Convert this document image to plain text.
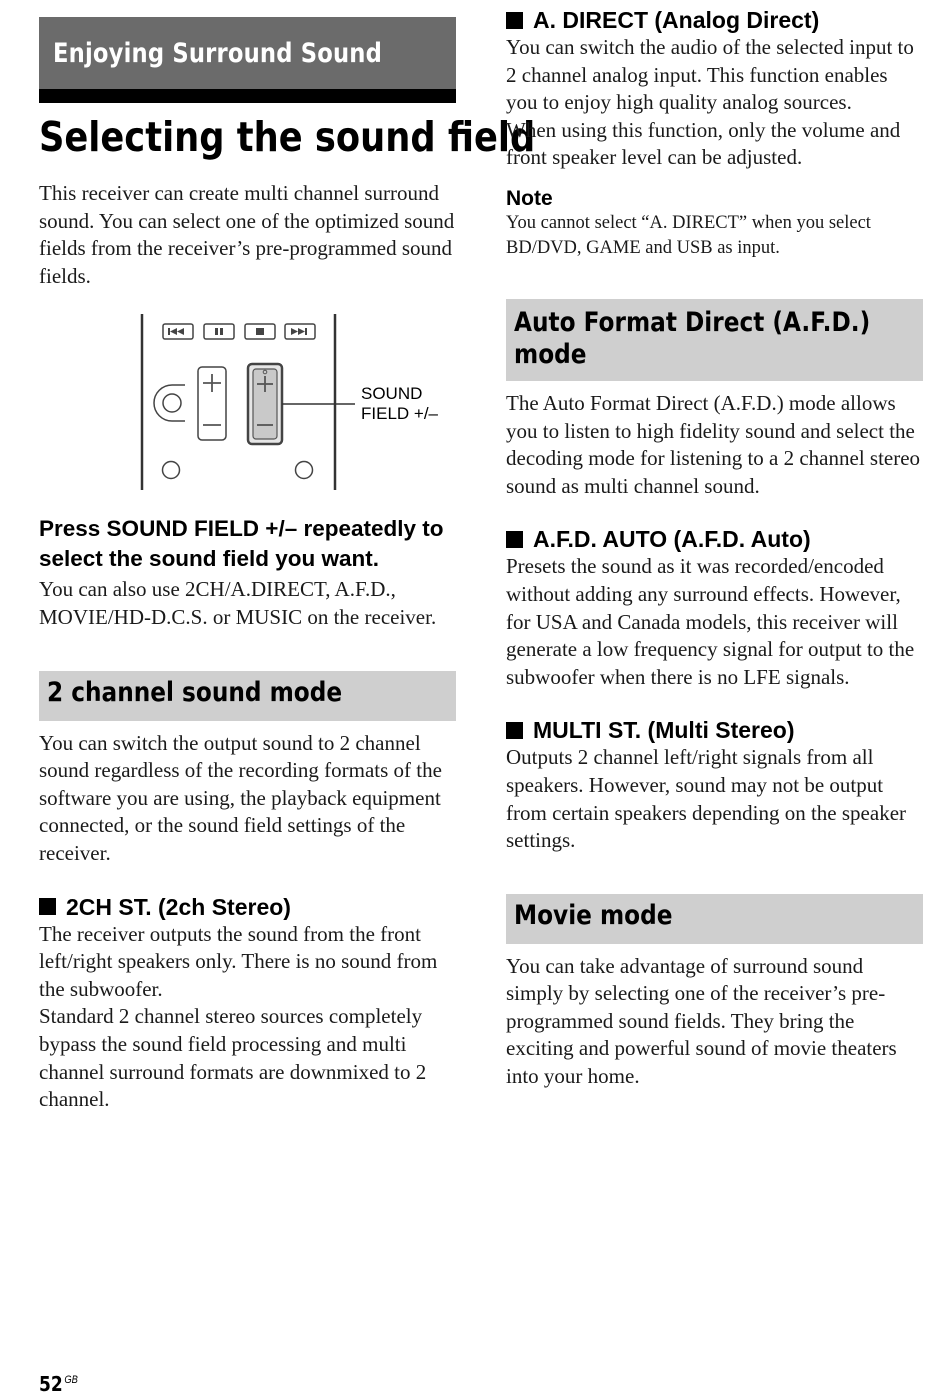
Enjoying Surround Sound
Selecting the sound field

This receiver can create multi channel surround sound. You can select one of the optimized sound fields from the receiver’s pre-programmed sound fields.

SOUND
FIELD +/–

Press SOUND FIELD +/– repeatedly to select the sound field you want.

You can also use 2CH/A.DIRECT, A.F.D., MOVIE/HD-D.C.S. or MUSIC on the receiver.

2 channel sound mode

You can switch the output sound to 2 channel sound regardless of the recording formats of the software you are using, the playback equipment connected, or the sound field settings of the receiver.

2CH ST. (2ch Stereo)

The receiver outputs the sound from the front left/right speakers only. There is no sound from the subwoofer.

Standard 2 channel stereo sources completely bypass the sound field processing and multi channel surround formats are downmixed to 2 channel.

A. DIRECT (Analog Direct)

You can switch the audio of the selected input to 2 channel analog input. This function enables you to enjoy high quality analog sources.

When using this function, only the volume and front speaker level can be adjusted.

Note

You cannot select “A. DIRECT” when you select BD/DVD, GAME and USB as input.

Auto Format Direct (A.F.D.) mode

The Auto Format Direct (A.F.D.) mode allows you to listen to high fidelity sound and select the decoding mode for listening to a 2 channel stereo sound as multi channel sound.

A.F.D. AUTO (A.F.D. Auto)

Presets the sound as it was recorded/encoded without adding any surround effects. However, for USA and Canada models, this receiver will generate a low frequency signal for output to the subwoofer when there is no LFE signals.

MULTI ST. (Multi Stereo)

Outputs 2 channel left/right signals from all speakers. However, sound may not be output from certain speakers depending on the speaker settings.

Movie mode

You can take advantage of surround sound simply by selecting one of the receiver’s pre-programmed sound fields. They bring the exciting and powerful sound of movie theaters into your home.

52 $^{GB}$
